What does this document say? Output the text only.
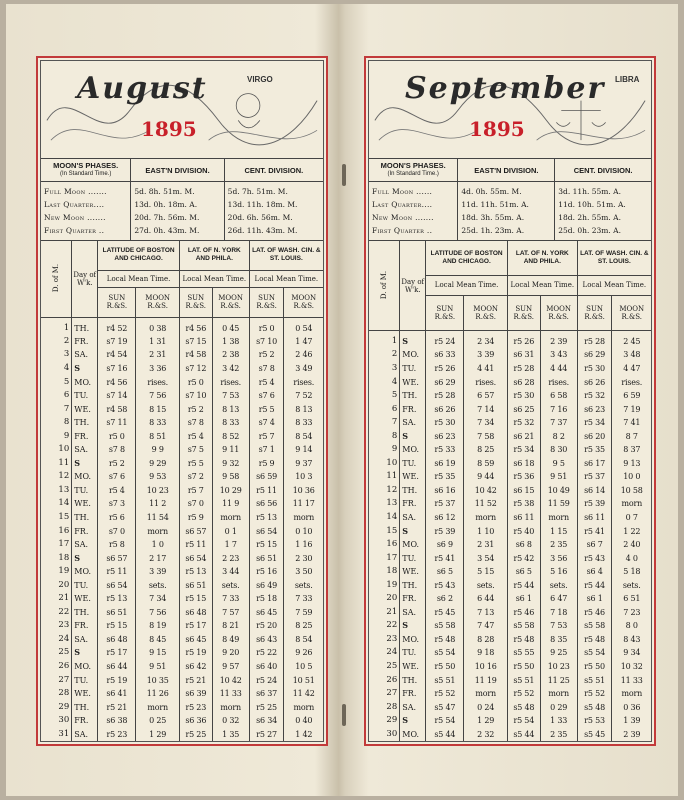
August
1895
VIRGO
MOON'S PHASES.
(In Standard Time.)	EAST'N DIVISION.	CENT. DIVISION.
Full Moon .......	5d. 8h. 51m. M.	5d. 7h. 51m. M.
Last Quarter....	13d. 0h. 18m. A.	13d. 11h. 18m. M.
New Moon .......	20d. 7h. 56m. M.	20d. 6h. 56m. M.
First Quarter ..	27d. 0h. 43m. M.	26d. 11h. 43m. M.
D. of M.	Day of W'k.	LATITUDE OF BOSTON AND CHICAGO.		LAT. OF N. YORK AND PHILA.		LAT. OF WASH. CIN. & ST. LOUIS.	
		Local Mean Time.		Local Mean Time.		Local Mean Time.	
		SUN R.&S.	MOON R.&S.	SUN R.&S.	MOON R.&S.	SUN R.&S.	MOON R.&S.
1	TH.	r4 52	0 38	r4 56	0 45	r5 0	0 54
2	FR.	s7 19	1 31	s7 15	1 38	s7 10	1 47
3	SA.	r4 54	2 31	r4 58	2 38	r5 2	2 46
4	S	s7 16	3 36	s7 12	3 42	s7 8	3 49
5	MO.	r4 56	rises.	r5 0	rises.	r5 4	rises.
6	TU.	s7 14	7 56	s7 10	7 53	s7 6	7 52
7	WE.	r4 58	8 15	r5 2	8 13	r5 5	8 13
8	TH.	s7 11	8 33	s7 8	8 33	s7 4	8 33
9	FR.	r5 0	8 51	r5 4	8 52	r5 7	8 54
10	SA.	s7 8	9 9	s7 5	9 11	s7 1	9 14
11	S	r5 2	9 29	r5 5	9 32	r5 9	9 37
12	MO.	s7 6	9 53	s7 2	9 58	s6 59	10 3
13	TU.	r5 4	10 23	r5 7	10 29	r5 11	10 36
14	WE.	s7 3	11 2	s7 0	11 9	s6 56	11 17
15	TH.	r5 6	11 54	r5 9	morn	r5 13	morn
16	FR.	s7 0	morn	s6 57	0 1	s6 54	0 10
17	SA.	r5 8	1 0	r5 11	1 7	r5 15	1 16
18	S	s6 57	2 17	s6 54	2 23	s6 51	2 30
19	MO.	r5 11	3 39	r5 13	3 44	r5 16	3 50
20	TU.	s6 54	sets.	s6 51	sets.	s6 49	sets.
21	WE.	r5 13	7 34	r5 15	7 33	r5 18	7 33
22	TH.	s6 51	7 56	s6 48	7 57	s6 45	7 59
23	FR.	r5 15	8 19	r5 17	8 21	r5 20	8 25
24	SA.	s6 48	8 45	s6 45	8 49	s6 43	8 54
25	S	r5 17	9 15	r5 19	9 20	r5 22	9 26
26	MO.	s6 44	9 51	s6 42	9 57	s6 40	10 5
27	TU.	r5 19	10 35	r5 21	10 42	r5 24	10 51
28	WE.	s6 41	11 26	s6 39	11 33	s6 37	11 42
29	TH.	r5 21	morn	r5 23	morn	r5 25	morn
30	FR.	s6 38	0 25	s6 36	0 32	s6 34	0 40
31	SA.	r5 23	1 29	r5 25	1 35	r5 27	1 42
September
1895
LIBRA
MOON'S PHASES.
(In Standard Time.)	EAST'N DIVISION.	CENT. DIVISION.
Full Moon ......	4d. 0h. 55m. M.	3d. 11h. 55m. A.
Last Quarter....	11d. 11h. 51m. A.	11d. 10h. 51m. A.
New Moon .......	18d. 3h. 55m. A.	18d. 2h. 55m. A.
First Quarter ..	25d. 1h. 23m. A.	25d. 0h. 23m. A.
D. of M.	Day of W'k.	LATITUDE OF BOSTON AND CHICAGO.		LAT. OF N. YORK AND PHILA.		LAT. OF WASH. CIN. & ST. LOUIS.	
		Local Mean Time.		Local Mean Time.		Local Mean Time.	
		SUN R.&S.	MOON R.&S.	SUN R.&S.	MOON R.&S.	SUN R.&S.	MOON R.&S.
1	S	r5 24	2 34	r5 26	2 39	r5 28	2 45
2	MO.	s6 33	3 39	s6 31	3 43	s6 29	3 48
3	TU.	r5 26	4 41	r5 28	4 44	r5 30	4 47
4	WE.	s6 29	rises.	s6 28	rises.	s6 26	rises.
5	TH.	r5 28	6 57	r5 30	6 58	r5 32	6 59
6	FR.	s6 26	7 14	s6 25	7 16	s6 23	7 19
7	SA.	r5 30	7 34	r5 32	7 37	r5 34	7 41
8	S	s6 23	7 58	s6 21	8 2	s6 20	8 7
9	MO.	r5 33	8 25	r5 34	8 30	r5 35	8 37
10	TU.	s6 19	8 59	s6 18	9 5	s6 17	9 13
11	WE.	r5 35	9 44	r5 36	9 51	r5 37	10 0
12	TH.	s6 16	10 42	s6 15	10 49	s6 14	10 58
13	FR.	r5 37	11 52	r5 38	11 59	r5 39	morn
14	SA.	s6 12	morn	s6 11	morn	s6 11	0 7
15	S	r5 39	1 10	r5 40	1 15	r5 41	1 22
16	MO.	s6 9	2 31	s6 8	2 35	s6 7	2 40
17	TU.	r5 41	3 54	r5 42	3 56	r5 43	4 0
18	WE.	s6 5	5 15	s6 5	5 16	s6 4	5 18
19	TH.	r5 43	sets.	r5 44	sets.	r5 44	sets.
20	FR.	s6 2	6 44	s6 1	6 47	s6 1	6 51
21	SA.	r5 45	7 13	r5 46	7 18	r5 46	7 23
22	S	s5 58	7 47	s5 58	7 53	s5 58	8 0
23	MO.	r5 48	8 28	r5 48	8 35	r5 48	8 43
24	TU.	s5 54	9 18	s5 55	9 25	s5 54	9 34
25	WE.	r5 50	10 16	r5 50	10 23	r5 50	10 32
26	TH.	s5 51	11 19	s5 51	11 25	s5 51	11 33
27	FR.	r5 52	morn	r5 52	morn	r5 52	morn
28	SA.	s5 47	0 24	s5 48	0 29	s5 48	0 36
29	S	r5 54	1 29	r5 54	1 33	r5 53	1 39
30	MO.	s5 44	2 32	s5 44	2 35	s5 45	2 39
